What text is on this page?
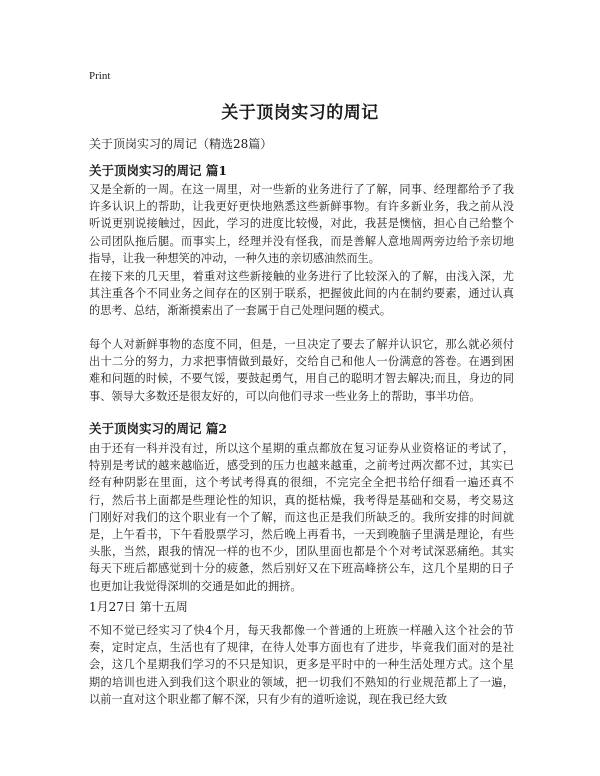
Print
关于顶岗实习的周记
关于顶岗实习的周记（精选28篇）
关于顶岗实习的周记 篇1

又是全新的一周。在这一周里，对一些新的业务进行了了解，同事、经理都给予了我许多认识上的帮助，让我更好更快地熟悉这些新鲜事物。有许多新业务，我之前从没听说更别说接触过，因此，学习的进度比较慢，对此，我甚是懊恼，担心自己给整个公司团队拖后腿。而事实上，经理并没有怪我，而是善解人意地周两旁边给予亲切地指导，让我一种想笑的冲动，一种久违的亲切感油然而生。

在接下来的几天里，着重对这些新接触的业务进行了比较深入的了解，由浅入深，尤其注重各个不同业务之间存在的区别于联系，把握彼此间的内在制约要素，通过认真的思考、总结，渐渐摸索出了一套属于自己处理问题的模式。

每个人对新鲜事物的态度不同，但是，一旦决定了要去了解并认识它，那么就必须付出十二分的努力，力求把事情做到最好，交给自己和他人一份满意的答卷。在遇到困难和问题的时候，不要气馁，要鼓起勇气，用自己的聪明才智去解决;而且，身边的同事、领导大多数还是很友好的，可以向他们寻求一些业务上的帮助，事半功倍。

关于顶岗实习的周记 篇2

由于还有一科并没有过，所以这个星期的重点都放在复习证券从业资格证的考试了，特别是考试的越来越临近，感受到的压力也越来越重，之前考过两次都不过，其实已经有种阴影在里面，这个考试考得真的很细，不完完全全把书给仔细看一遍还真不行，然后书上面都是些理论性的知识，真的挺枯燥，我考得是基础和交易，考交易这门刚好对我们的这个职业有一个了解，而这也正是我们所缺乏的。我所安排的时间就是，上午看书，下午看股票学习，然后晚上再看书，一天到晚脑子里满是理论，有些头胀，当然，跟我的情况一样的也不少，团队里面也都是个个对考试深恶痛绝。其实每天下班后都感觉到十分的疲惫，然后别好又在下班高峰挤公车，这几个星期的日子也更加让我觉得深圳的交通是如此的拥挤。

1月27日 第十五周

不知不觉已经实习了快4个月，每天我都像一个普通的上班族一样融入这个社会的节奏，定时定点，生活也有了规律，在待人处事方面也有了进步，毕竟我们面对的是社会，这几个星期我们学习的不只是知识，更多是平时中的一种生活处理方式。这个星期的培训也进入到我们这个职业的领域，把一切我们不熟知的行业规范都上了一遍，以前一直对这个职业都了解不深，只有少有的道听途说，现在我已经大致
